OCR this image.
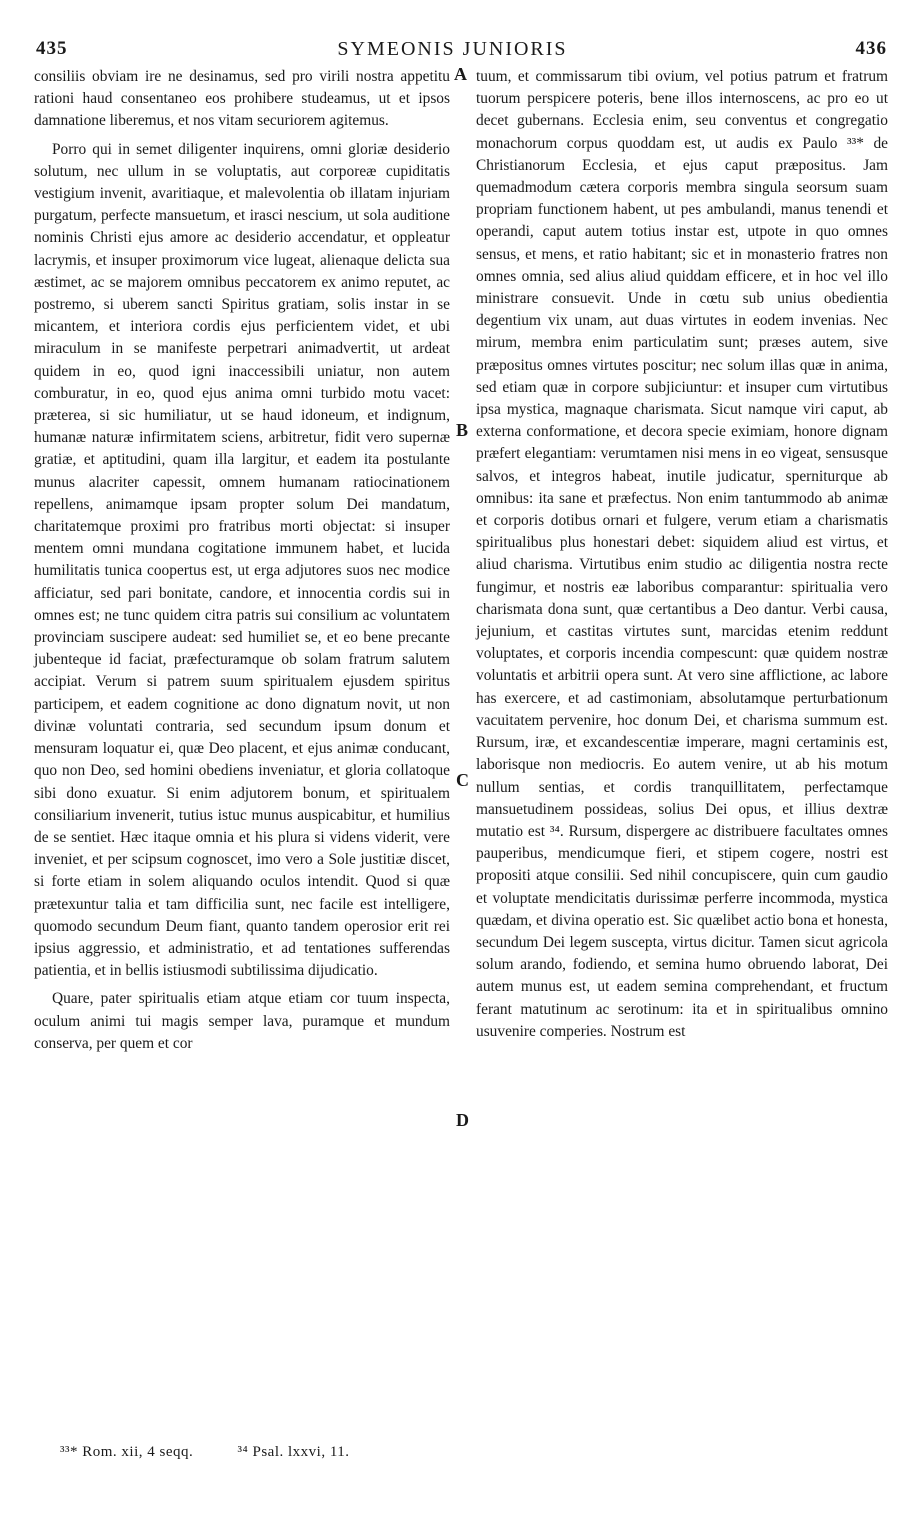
435	SYMEONIS JUNIORIS	436

consiliis obviam ire ne desinamus, sed pro virili nostra appetitu rationi haud consentaneo eos prohibere studeamus, ut et ipsos damnatione liberemus, et nos vitam securiorem agitemus.

Porro qui in semet diligenter inquirens, omni gloriæ desiderio solutum, nec ullum in se voluptatis, aut corporeæ cupiditatis vestigium invenit, avaritiaque, et malevolentia ob illatam injuriam purgatum, perfecte mansuetum, et irasci nescium, ut sola auditione nominis Christi ejus amore ac desiderio accendatur, et oppleatur lacrymis, et insuper proximorum vice lugeat, alienaque delicta sua æstimet, ac se majorem omnibus peccatorem ex animo reputet, ac postremo, si uberem sancti Spiritus gratiam, solis instar in se micantem, et interiora cordis ejus perficientem videt, et ubi miraculum in se manifeste perpetrari animadvertit, ut ardeat quidem in eo, quod igni inaccessibili uniatur, non autem comburatur, in eo, quod ejus anima omni turbido motu vacet: præterea, si sic humiliatur, ut se haud idoneum, et indignum, humanæ naturæ infirmitatem sciens, arbitretur, fidit vero supernæ gratiæ, et aptitudini, quam illa largitur, et eadem ita postulante munus alacriter capessit, omnem humanam ratiocinationem repellens, animamque ipsam propter solum Dei mandatum, charitatemque proximi pro fratribus morti objectat: si insuper mentem omni mundana cogitatione immunem habet, et lucida humilitatis tunica coopertus est, ut erga adjutores suos nec modice afficiatur, sed pari bonitate, candore, et innocentia cordis sui in omnes est; ne tunc quidem citra patris sui consilium ac voluntatem provinciam suscipere audeat: sed humiliet se, et eo bene precante jubenteque id faciat, præfecturamque ob solam fratrum salutem accipiat. Verum si patrem suum spiritualem ejusdem spiritus participem, et eadem cognitione ac dono dignatum novit, ut non divinæ voluntati contraria, sed secundum ipsum donum et mensuram loquatur ei, quæ Deo placent, et ejus animæ conducant, quo non Deo, sed homini obediens inveniatur, et gloria collatoque sibi dono exuatur. Si enim adjutorem bonum, et spiritualem consiliarium invenerit, tutius istuc munus auspicabitur, et humilius de se sentiet. Hæc itaque omnia et his plura si videns viderit, vere inveniet, et per scipsum cognoscet, imo vero a Sole justitiæ discet, si forte etiam in solem aliquando oculos intendit. Quod si quæ prætexuntur talia et tam difficilia sunt, nec facile est intelligere, quomodo secundum Deum fiant, quanto tandem operosior erit rei ipsius aggressio, et administratio, et ad tentationes sufferendas patientia, et in bellis istiusmodi subtilissima dijudicatio.

Quare, pater spiritualis etiam atque etiam cor tuum inspecta, oculum animi tui magis semper lava, puramque et mundum conserva, per quem et cor

tuum, et commissarum tibi ovium, vel potius patrum et fratrum tuorum perspicere poteris, bene illos internoscens, ac pro eo ut decet gubernans. Ecclesia enim, seu conventus et congregatio monachorum corpus quoddam est, ut audis ex Paulo ³³* de Christianorum Ecclesia, et ejus caput præpositus. Jam quemadmodum cætera corporis membra singula seorsum suam propriam functionem habent, ut pes ambulandi, manus tenendi et operandi, caput autem totius instar est, utpote in quo omnes sensus, et mens, et ratio habitant; sic et in monasterio fratres non omnes omnia, sed alius aliud quiddam efficere, et in hoc vel illo ministrare consuevit. Unde in cœtu sub unius obedientia degentium vix unam, aut duas virtutes in eodem invenias. Nec mirum, membra enim particulatim sunt; præses autem, sive præpositus omnes virtutes poscitur; nec solum illas quæ in anima, sed etiam quæ in corpore subjiciuntur: et insuper cum virtutibus ipsa mystica, magnaque charismata. Sicut namque viri caput, ab externa conformatione, et decora specie eximiam, honore dignam præfert elegantiam: verumtamen nisi mens in eo vigeat, sensusque salvos, et integros habeat, inutile judicatur, sperniturque ab omnibus: ita sane et præfectus. Non enim tantummodo ab animæ et corporis dotibus ornari et fulgere, verum etiam a charismatis spiritualibus plus honestari debet: siquidem aliud est virtus, et aliud charisma. Virtutibus enim studio ac diligentia nostra recte fungimur, et nostris eæ laboribus comparantur: spiritualia vero charismata dona sunt, quæ certantibus a Deo dantur. Verbi causa, jejunium, et castitas virtutes sunt, marcidas etenim reddunt voluptates, et corporis incendia compescunt: quæ quidem nostræ voluntatis et arbitrii opera sunt. At vero sine afflictione, ac labore has exercere, et ad castimoniam, absolutamque perturbationum vacuitatem pervenire, hoc donum Dei, et charisma summum est. Rursum, iræ, et excandescentiæ imperare, magni certaminis est, laborisque non mediocris. Eo autem venire, ut ab his motum nullum sentias, et cordis tranquillitatem, perfectamque mansuetudinem possideas, solius Dei opus, et illius dextræ mutatio est ³⁴. Rursum, dispergere ac distribuere facultates omnes pauperibus, mendicumque fieri, et stipem cogere, nostri est propositi atque consilii. Sed nihil concupiscere, quin cum gaudio et voluptate mendicitatis durissimæ perferre incommoda, mystica quædam, et divina operatio est. Sic quælibet actio bona et honesta, secundum Dei legem suscepta, virtus dicitur. Tamen sicut agricola solum arando, fodiendo, et semina humo obruendo laborat, Dei autem munus est, ut eadem semina comprehendant, et fructum ferant matutinum ac serotinum: ita et in spiritualibus omnino usuvenire comperies. Nostrum est

A
B
C
D
³³* Rom. xii, 4 seqq.	³⁴ Psal. lxxvi, 11.
